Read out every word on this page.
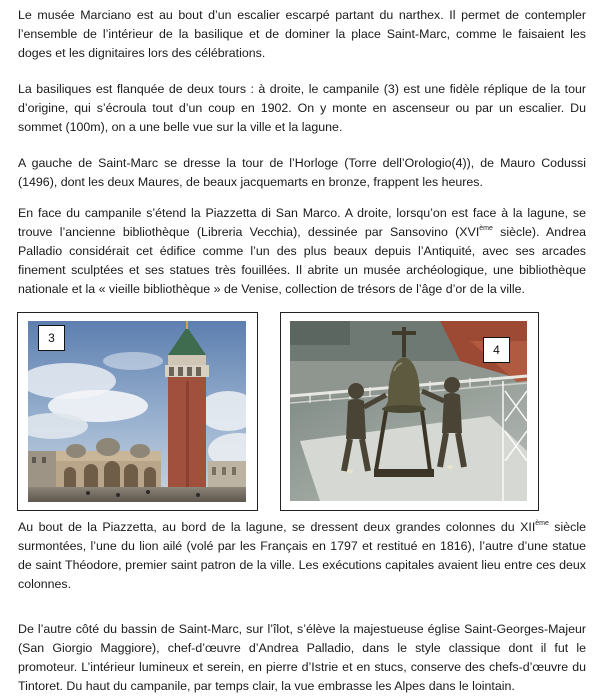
Le musée Marciano est au bout d’un escalier escarpé partant du narthex. Il permet de contempler l’ensemble de l’intérieur de la basilique et de dominer la place Saint-Marc, comme le faisaient les doges et les dignitaires lors des célébrations.

La basiliques est flanquée de deux tours : à droite, le campanile (3) est une fidèle réplique de la tour d’origine, qui s’écroula tout d’un coup en 1902. On y monte en ascenseur ou par un escalier. Du sommet (100m), on a une belle vue sur la ville et la lagune.

A gauche de Saint-Marc se dresse la tour de l’Horloge (Torre dell’Orologio(4)), de Mauro Codussi (1496), dont les deux Maures, de beaux jacquemarts en bronze, frappent les heures.

En face du campanile s’étend la Piazzetta di San Marco. A droite, lorsqu’on est face à la lagune, se trouve l’ancienne bibliothèque (Libreria Vecchia), dessinée par Sansovino (XVIème siècle). Andrea Palladio considérait cet édifice comme l’un des plus beaux depuis l’Antiquité, avec ses arcades finement sculptées et ses statues très fouillées. Il abrite un musée archéologique, une bibliothèque nationale et la « vieille bibliothèque » de Venise, collection de trésors de l’âge d’or de la ville.

3
4

Au bout de la Piazzetta, au bord de la lagune, se dressent deux grandes colonnes du XIIème siècle surmontées, l’une du lion ailé (volé par les Français en 1797 et restitué en 1816), l’autre d’une statue de saint Théodore, premier saint patron de la ville. Les exécutions capitales avaient lieu entre ces deux colonnes.

De l’autre côté du bassin de Saint-Marc, sur l’îlot, s’élève la majestueuse église Saint-Georges-Majeur (San Giorgio Maggiore), chef-d’œuvre d’Andrea Palladio, dans le style classique dont il fut le promoteur. L’intérieur lumineux et serein, en pierre d’Istrie et en stucs, conserve des chefs-d’œuvre du Tintoret. Du haut du campanile, par temps clair, la vue embrasse les Alpes dans le lointain.
